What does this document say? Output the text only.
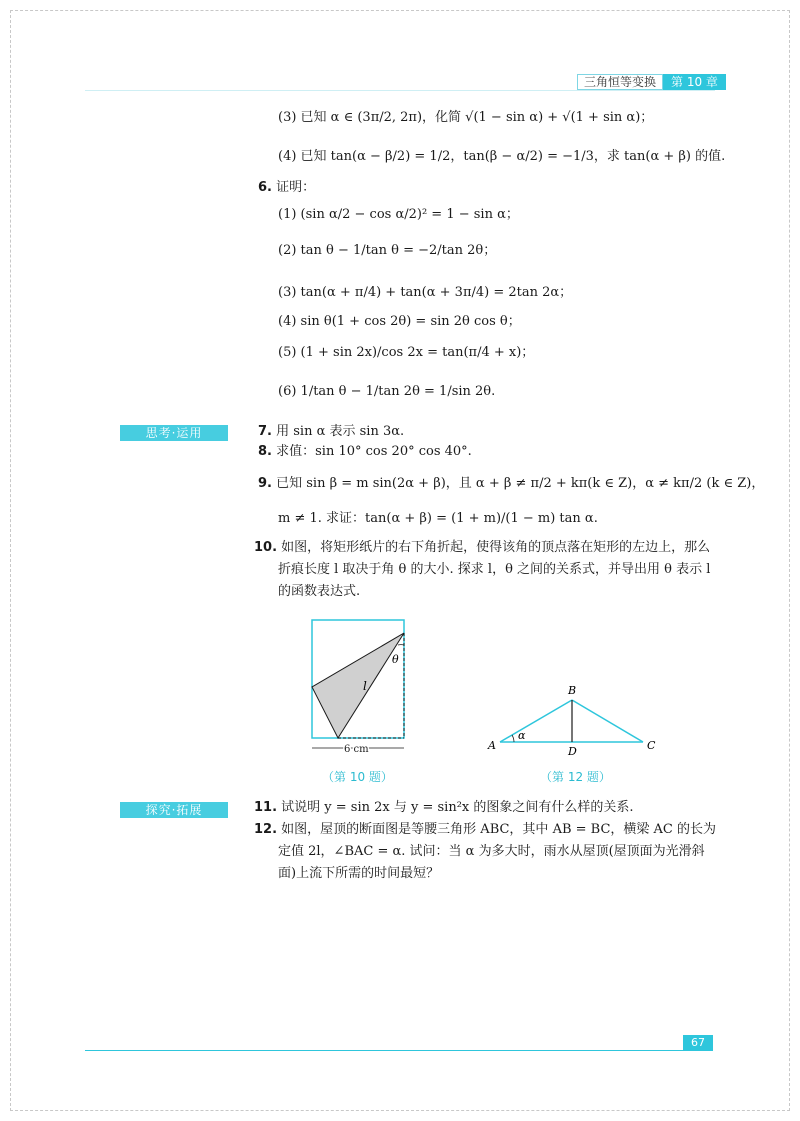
三角恒等变换	第 10 章
(3) 已知 α ∈ (3π/2, 2π)，化简 √(1 − sin α) + √(1 + sin α)；
(4) 已知 tan(α − β/2) = 1/2，tan(β − α/2) = −1/3，求 tan(α + β) 的值.
6. 证明：
(1) (sin α/2 − cos α/2)² = 1 − sin α；
(2) tan θ − 1/tan θ = −2/tan 2θ；
(3) tan(α + π/4) + tan(α + 3π/4) = 2tan 2α；
(4) sin θ(1 + cos 2θ) = sin 2θ cos θ；
(5) (1 + sin 2x)/cos 2x = tan(π/4 + x)；
(6) 1/tan θ − 1/tan 2θ = 1/sin 2θ.
思考·运用	7. 用 sin α 表示 sin 3α.
8. 求值：sin 10° cos 20° cos 40°.
9. 已知 sin β = m sin(2α + β)，且 α + β ≠ π/2 + kπ(k ∈ Z)，α ≠ kπ/2 (k ∈ Z)，
m ≠ 1. 求证：tan(α + β) = (1 + m)/(1 − m) tan α.
10. 如图，将矩形纸片的右下角折起，使得该角的顶点落在矩形的左边上，那么
折痕长度 l 取决于角 θ 的大小. 探求 l，θ 之间的关系式，并导出用 θ 表示 l
的函数表达式.
θ
l
6 cm
（第 10 题）
α
A
B
C
D
（第 12 题）
探究·拓展	11. 试说明 y = sin 2x 与 y = sin²x 的图象之间有什么样的关系.
12. 如图，屋顶的断面图是等腰三角形 ABC，其中 AB = BC，横梁 AC 的长为
定值 2l，∠BAC = α. 试问：当 α 为多大时，雨水从屋顶(屋顶面为光滑斜
面)上流下所需的时间最短？
67
